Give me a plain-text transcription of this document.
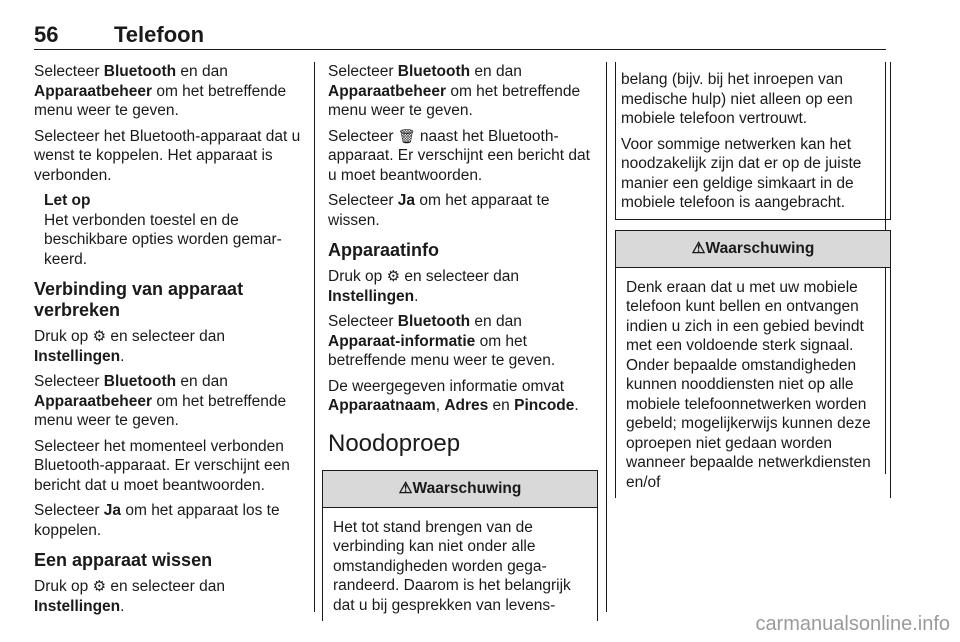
56	Telefoon

Selecteer Bluetooth en dan Apparaatbeheer om het betreffende menu weer te geven.

Selecteer het Bluetooth-apparaat dat u wenst te koppelen. Het apparaat is verbonden.

Let op
Het verbonden toestel en de beschikbare opties worden gemar-keerd.
Verbinding van apparaat verbreken

Druk op ⚙ en selecteer dan Instellingen.

Selecteer Bluetooth en dan Apparaatbeheer om het betreffende menu weer te geven.

Selecteer het momenteel verbonden Bluetooth-apparaat. Er verschijnt een bericht dat u moet beantwoorden.

Selecteer Ja om het apparaat los te koppelen.

Een apparaat wissen

Druk op ⚙ en selecteer dan Instellingen.

Selecteer Bluetooth en dan Apparaatbeheer om het betreffende menu weer te geven.

Selecteer 🗑 naast het Bluetooth-apparaat. Er verschijnt een bericht dat u moet beantwoorden.

Selecteer Ja om het apparaat te wissen.

Apparaatinfo

Druk op ⚙ en selecteer dan Instellingen.

Selecteer Bluetooth en dan Apparaat-informatie om het betreffende menu weer te geven.

De weergegeven informatie omvat Apparaatnaam, Adres en Pincode.

Noodoproep
⚠Waarschuwing
Het tot stand brengen van de verbinding kan niet onder alle omstandigheden worden gega-randeerd. Daarom is het belangrijk dat u bij gesprekken van levens-

belang (bijv. bij het inroepen van medische hulp) niet alleen op een mobiele telefoon vertrouwt.

Voor sommige netwerken kan het noodzakelijk zijn dat er op de juiste manier een geldige simkaart in de mobiele telefoon is aangebracht.

⚠Waarschuwing
Denk eraan dat u met uw mobiele telefoon kunt bellen en ontvangen indien u zich in een gebied bevindt met een voldoende sterk signaal. Onder bepaalde omstandigheden kunnen nooddiensten niet op alle mobiele telefoonnetwerken worden gebeld; mogelijkerwijs kunnen deze oproepen niet gedaan worden wanneer bepaalde netwerkdiensten en/of
carmanualsonline.info
